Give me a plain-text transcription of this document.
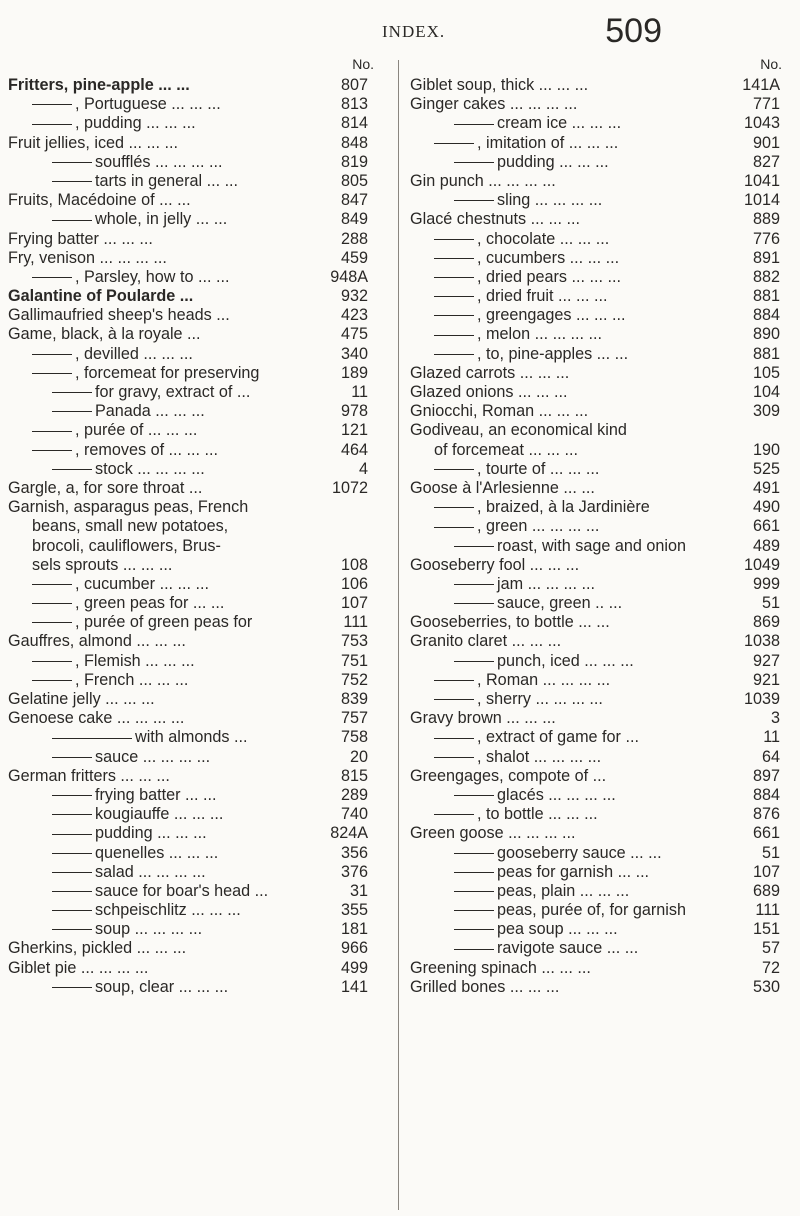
INDEX.	509
No.
Fritters, pine-apple ... ...	807
, Portuguese ... ... ...	813
, pudding ... ... ...	814
Fruit jellies, iced ... ... ...	848
soufflés ... ... ... ...	819
tarts in general ... ...	805
Fruits, Macédoine of ... ...	847
whole, in jelly ... ...	849
Frying batter ... ... ...	288
Fry, venison ... ... ... ...	459
, Parsley, how to ... ...	948A
Galantine of Poularde ...	932
Gallimaufried sheep's heads ...	423
Game, black, à la royale ...	475
, devilled ... ... ...	340
, forcemeat for preserving	189
for gravy, extract of ...	11
Panada ... ... ...	978
, purée of ... ... ...	121
, removes of ... ... ...	464
stock ... ... ... ...	4
Gargle, a, for sore throat ...	1072
Garnish, asparagus peas, French
beans, small new potatoes,
brocoli, cauliflowers, Brus-
sels sprouts ... ... ...	108
, cucumber ... ... ...	106
, green peas for ... ...	107
, purée of green peas for	111
Gauffres, almond ... ... ...	753
, Flemish ... ... ...	751
, French ... ... ...	752
Gelatine jelly ... ... ...	839
Genoese cake ... ... ... ...	757
with almonds ...	758
sauce ... ... ... ...	20
German fritters ... ... ...	815
frying batter ... ...	289
kougiauffe ... ... ...	740
pudding ... ... ...	824A
quenelles ... ... ...	356
salad ... ... ... ...	376
sauce for boar's head ...	31
schpeischlitz ... ... ...	355
soup ... ... ... ...	181
Gherkins, pickled ... ... ...	966
Giblet pie ... ... ... ...	499
soup, clear ... ... ...	141
No.
Giblet soup, thick ... ... ...	141A
Ginger cakes ... ... ... ...	771
cream ice ... ... ...	1043
, imitation of ... ... ...	901
pudding ... ... ...	827
Gin punch ... ... ... ...	1041
sling ... ... ... ...	1014
Glacé chestnuts ... ... ...	889
, chocolate ... ... ...	776
, cucumbers ... ... ...	891
, dried pears ... ... ...	882
, dried fruit ... ... ...	881
, greengages ... ... ...	884
, melon ... ... ... ...	890
, to, pine-apples ... ...	881
Glazed carrots ... ... ...	105
Glazed onions ... ... ...	104
Gniocchi, Roman ... ... ...	309
Godiveau, an economical kind
of forcemeat ... ... ...	190
, tourte of ... ... ...	525
Goose à l'Arlesienne ... ...	491
, braized, à la Jardinière	490
, green ... ... ... ...	661
roast, with sage and onion	489
Gooseberry fool ... ... ...	1049
jam ... ... ... ...	999
sauce, green .. ...	51
Gooseberries, to bottle ... ...	869
Granito claret ... ... ...	1038
punch, iced ... ... ...	927
, Roman ... ... ... ...	921
, sherry ... ... ... ...	1039
Gravy brown ... ... ...	3
, extract of game for ...	11
, shalot ... ... ... ...	64
Greengages, compote of ...	897
glacés ... ... ... ...	884
, to bottle ... ... ...	876
Green goose ... ... ... ...	661
gooseberry sauce ... ...	51
peas for garnish ... ...	107
peas, plain ... ... ...	689
peas, purée of, for garnish	111
pea soup ... ... ...	151
ravigote sauce ... ...	57
Greening spinach ... ... ...	72
Grilled bones ... ... ...	530
